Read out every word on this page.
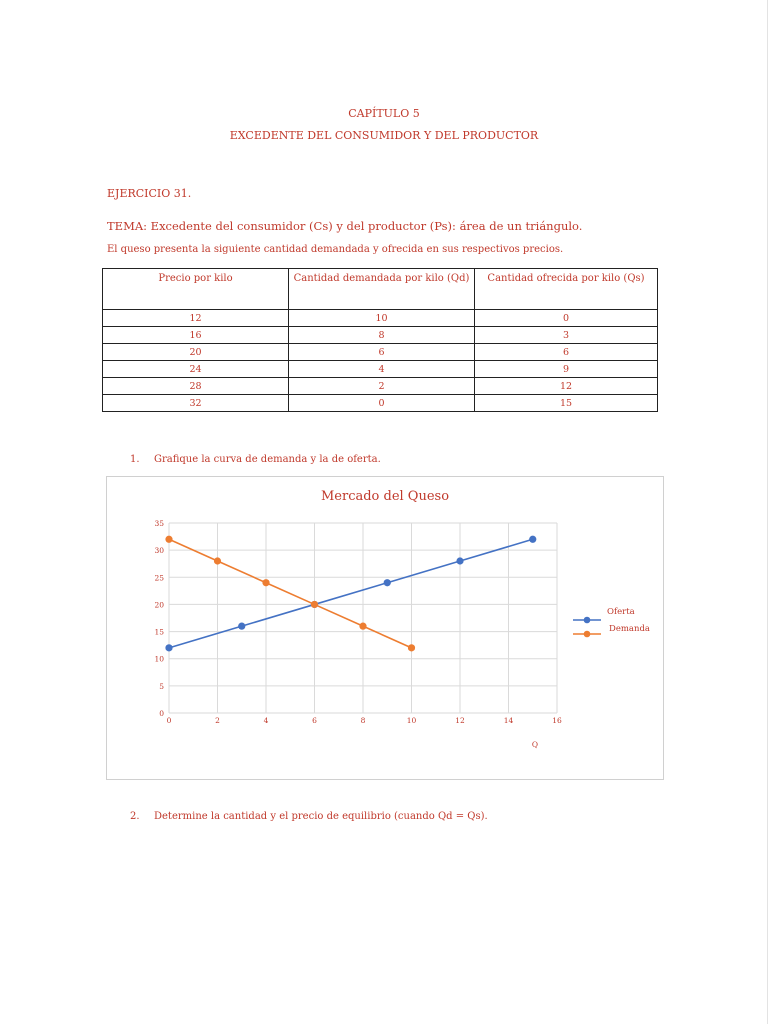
CAPÍTULO 5
EXCEDENTE DEL CONSUMIDOR Y DEL PRODUCTOR
EJERCICIO 31.
TEMA: Excedente del consumidor (Cs) y del productor (Ps): área de un triángulo.
El queso presenta la siguiente cantidad demandada y ofrecida en sus respectivos precios.
Precio por kilo	Cantidad demandada por kilo (Qd)	Cantidad ofrecida por kilo (Qs)
12	10	0
16	8	3
20	6	6
24	4	9
28	2	12
32	0	15
1. Grafique la curva de demanda y la de oferta.
Mercado del Queso
0
5
10
15
20
25
30
35
0	2	4	6	8	10	12	14	16
Q
Oferta
Demanda
2. Determine la cantidad y el precio de equilibrio (cuando Qd = Qs).
